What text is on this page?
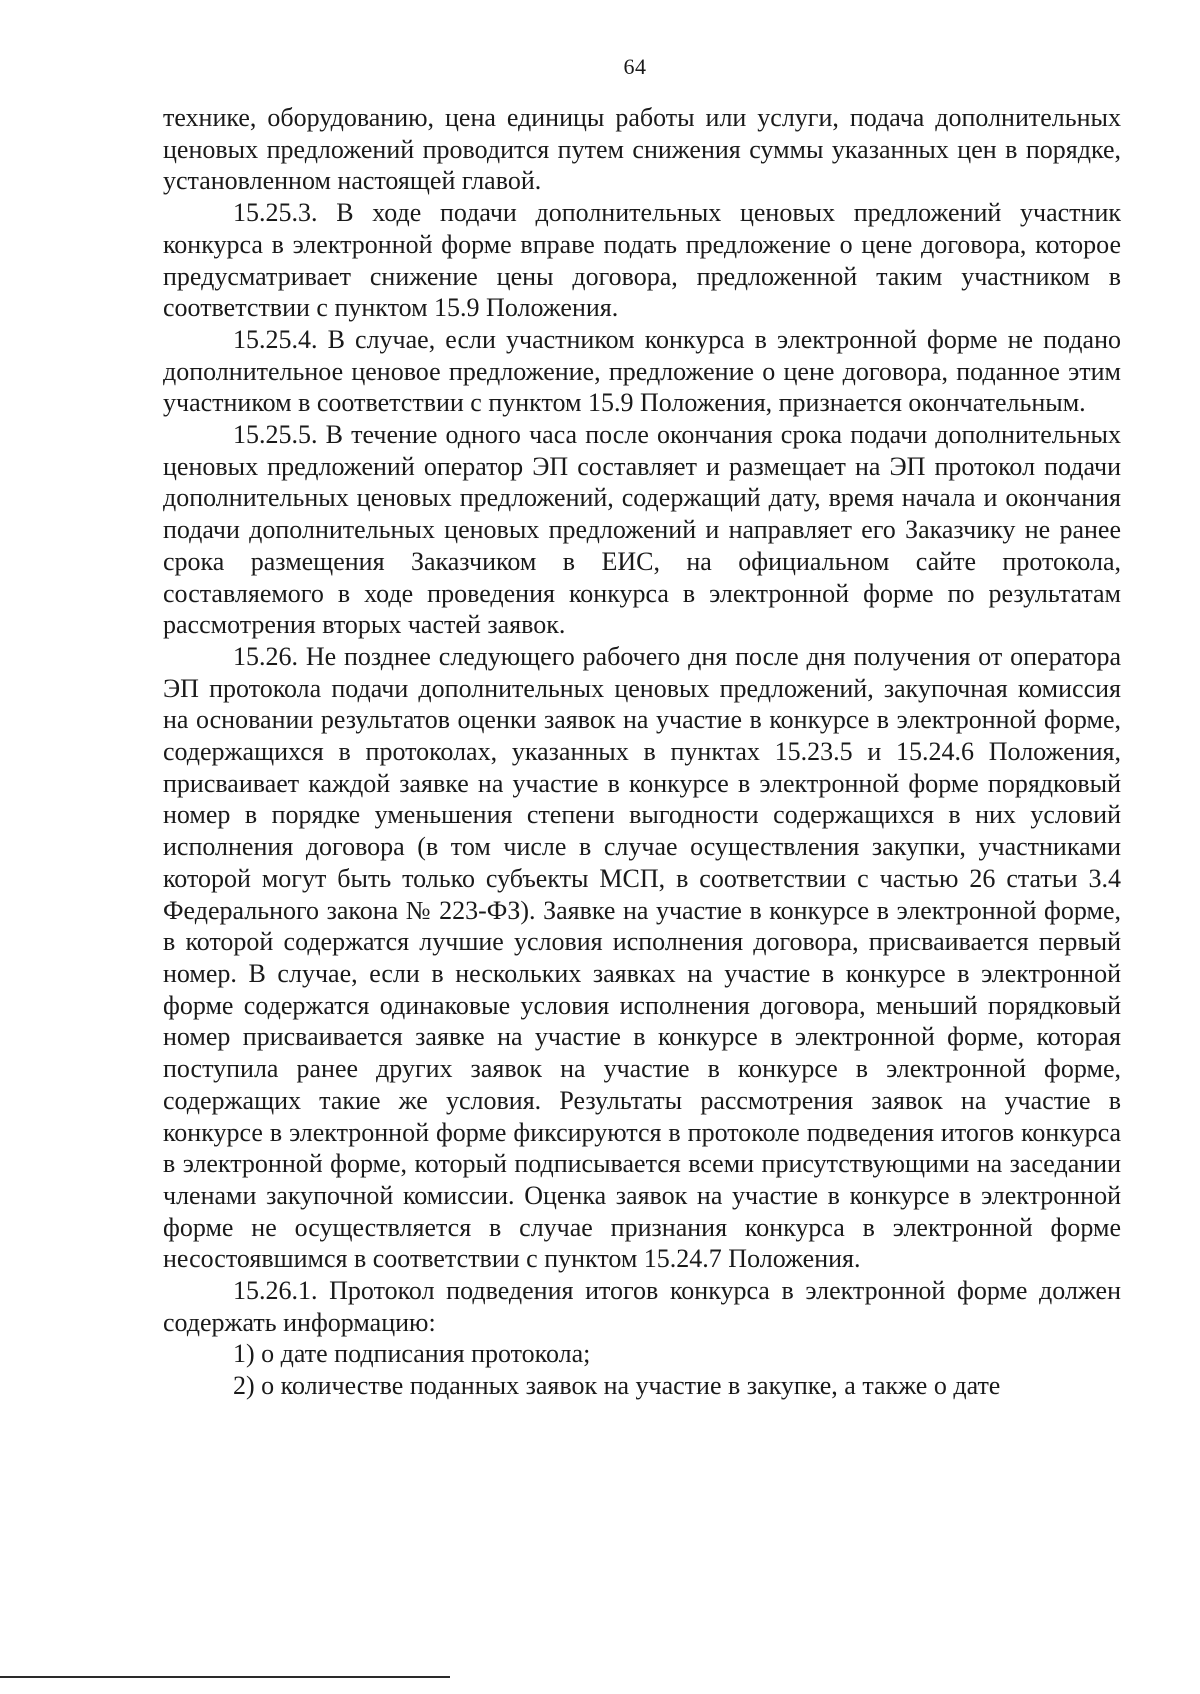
64

технике, оборудованию, цена единицы работы или услуги, подача дополнительных ценовых предложений проводится путем снижения суммы указанных цен в порядке, установленном настоящей главой.

15.25.3. В ходе подачи дополнительных ценовых предложений участник конкурса в электронной форме вправе подать предложение о цене договора, которое предусматривает снижение цены договора, предложенной таким участником в соответствии с пунктом 15.9 Положения.

15.25.4. В случае, если участником конкурса в электронной форме не подано дополнительное ценовое предложение, предложение о цене договора, поданное этим участником в соответствии с пунктом 15.9 Положения, признается окончательным.

15.25.5. В течение одного часа после окончания срока подачи дополнительных ценовых предложений оператор ЭП составляет и размещает на ЭП протокол подачи дополнительных ценовых предложений, содержащий дату, время начала и окончания подачи дополнительных ценовых предложений и направляет его Заказчику не ранее срока размещения Заказчиком в ЕИС, на официальном сайте протокола, составляемого в ходе проведения конкурса в электронной форме по результатам рассмотрения вторых частей заявок.

15.26. Не позднее следующего рабочего дня после дня получения от оператора ЭП протокола подачи дополнительных ценовых предложений, закупочная комиссия на основании результатов оценки заявок на участие в конкурсе в электронной форме, содержащихся в протоколах, указанных в пунктах 15.23.5 и 15.24.6 Положения, присваивает каждой заявке на участие в конкурсе в электронной форме порядковый номер в порядке уменьшения степени выгодности содержащихся в них условий исполнения договора (в том числе в случае осуществления закупки, участниками которой могут быть только субъекты МСП, в соответствии с частью 26 статьи 3.4 Федерального закона № 223-ФЗ). Заявке на участие в конкурсе в электронной форме, в которой содержатся лучшие условия исполнения договора, присваивается первый номер. В случае, если в нескольких заявках на участие в конкурсе в электронной форме содержатся одинаковые условия исполнения договора, меньший порядковый номер присваивается заявке на участие в конкурсе в электронной форме, которая поступила ранее других заявок на участие в конкурсе в электронной форме, содержащих такие же условия. Результаты рассмотрения заявок на участие в конкурсе в электронной форме фиксируются в протоколе подведения итогов конкурса в электронной форме, который подписывается всеми присутствующими на заседании членами закупочной комиссии. Оценка заявок на участие в конкурсе в электронной форме не осуществляется в случае признания конкурса в электронной форме несостоявшимся в соответствии с пунктом 15.24.7 Положения.

15.26.1. Протокол подведения итогов конкурса в электронной форме должен содержать информацию:

1) о дате подписания протокола;

2) о количестве поданных заявок на участие в закупке, а также о дате
